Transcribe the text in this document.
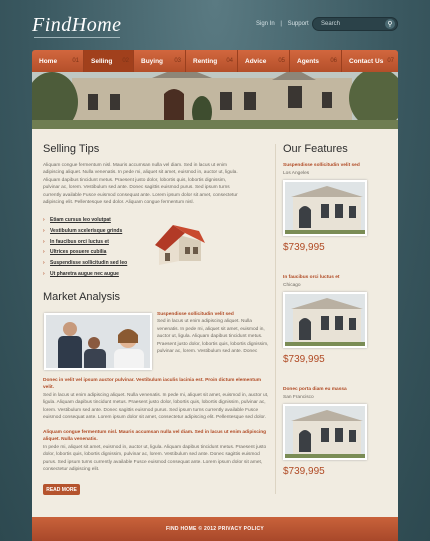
FindHome	Sign In | Support	Search	⚲
Home	01 Selling 02 Buying 03 Renting 04 Advice 05 Agents 06 Contact Us 07
Selling Tips
Aliquam congue fermentum nisl. Mauris accumsan nulla vel diam. Sed in lacus ut enim adipiscing aliquet. Nulla venenatis. In pede mi, aliquet sit amet, euismod in, auctor ut, ligula. Aliquam dapibus tincidunt metus. Praesent justo dolor, lobortis quis, lobortis dignissim, pulvinar ac, lorem. Vestibulum sed ante. Donec sagittis euismod purus. Sed ipsum turns currently available Fusce euismod consequat ante. Lorem ipsum dolor sit amet, consectetur adipiscing elit. Pellentesque sed dolor. Aliquam congue fermentum nisl.
› Etiam cursus leo volutpat
› Vestibulum scelerisque grinds
› In faucibus orci luctus et
› Ultrices posuere cubilia
› Suspendisse sollicitudin sed leo
› Ut pharetra augue nec augue
Market Analysis
Suspendisse sollicitudin velit sed
Sed in lacus ut enim adipiscing aliquet. Nulla venenatis. In pede mi, aliquet sit amet, euismod in, auctor ut, ligula. Aliquam dapibus tincidunt metus. Praesent justo dolor, lobortis quis, lobortis dignissim, pulvinar ac, lorem. Vestibulum sed ante. Donec
Donec in velit vel ipsum auctor pulvinar. Vestibulum iaculis lacinia est. Proin dictum elementum velit.
Sed in lacus ut enim adipiscing aliquet. Nulla venenatis. In pede mi, aliquet sit amet, euismod in, auctor ut, ligula. Aliquam dapibus tincidunt metus. Praesent justo dolor, lobortis quis, lobortis dignissim, pulvinar ac, lorem. Vestibulum sed ante. Donec sagittis euismod purus. Sed ipsum turns currently available Fusce euismod consequat ante. Lorem ipsum dolor sit amet, consectetur adipiscing elit. Pellentesque sed dolor.
Aliquam congue fermentum nisl. Mauris accumsan nulla vel diam. Sed in lacus ut enim adipiscing aliquet. Nulla venenatis.
In pede mi, aliquet sit amet, euismod in, auctor ut, ligula. Aliquam dapibus tincidunt metus. Praesent justo dolor, lobortis quis, lobortis dignissim, pulvinar ac, lorem. Vestibulum sed ante. Donec sagittis euismod purus. Sed ipsum turns currently available Fusce euismod consequat ante. Lorem ipsum dolor sit amet, consectetur adipiscing elit.
READ MORE
Our Features
Suspendisse sollicitudin velit sed
Los Angeles
$739,995
In faucibus orci luctus et
Chicago
$739,995
Donec porta diam eu massa
San Francisco
$739,995
FIND HOME © 2012 PRIVACY POLICY
